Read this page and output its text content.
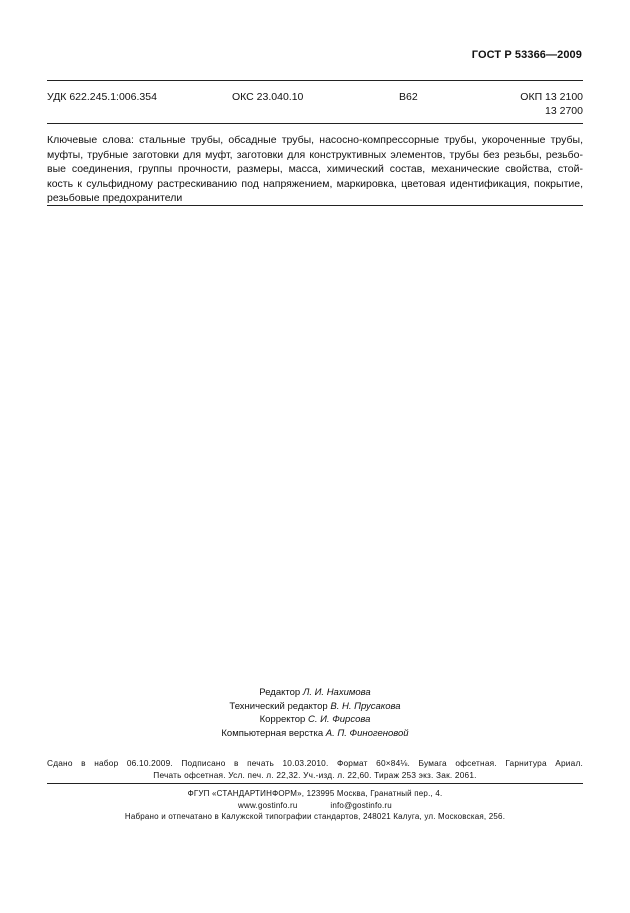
ГОСТ Р 53366—2009
УДК 622.245.1:006.354	ОКС 23.040.10	В62	ОКП 13 2100
13 2700
Ключевые слова: стальные трубы, обсадные трубы, насосно-компрессорные трубы, укороченные трубы,
муфты, трубные заготовки для муфт, заготовки для конструктивных элементов, трубы без резьбы, резьбо-
вые соединения, группы прочности, размеры, масса, химический состав, механические свойства, стой-
кость к сульфидному растрескиванию под напряжением, маркировка, цветовая идентификация, покрытие,
резьбовые предохранители
Редактор Л. И. Нахимова
Технический редактор В. Н. Прусакова
Корректор С. И. Фирсова
Компьютерная верстка А. П. Финогеновой
Сдано в набор 06.10.2009. Подписано в печать 10.03.2010. Формат 60×84⅛. Бумага офсетная. Гарнитура Ариал.
Печать офсетная. Усл. печ. л. 22,32. Уч.-изд. л. 22,60. Тираж 253 экз. Зак. 2061.
ФГУП «СТАНДАРТИНФОРМ», 123995 Москва, Гранатный пер., 4.
www.gostinfo.ru	info@gostinfo.ru
Набрано и отпечатано в Калужской типографии стандартов, 248021 Калуга, ул. Московская, 256.
